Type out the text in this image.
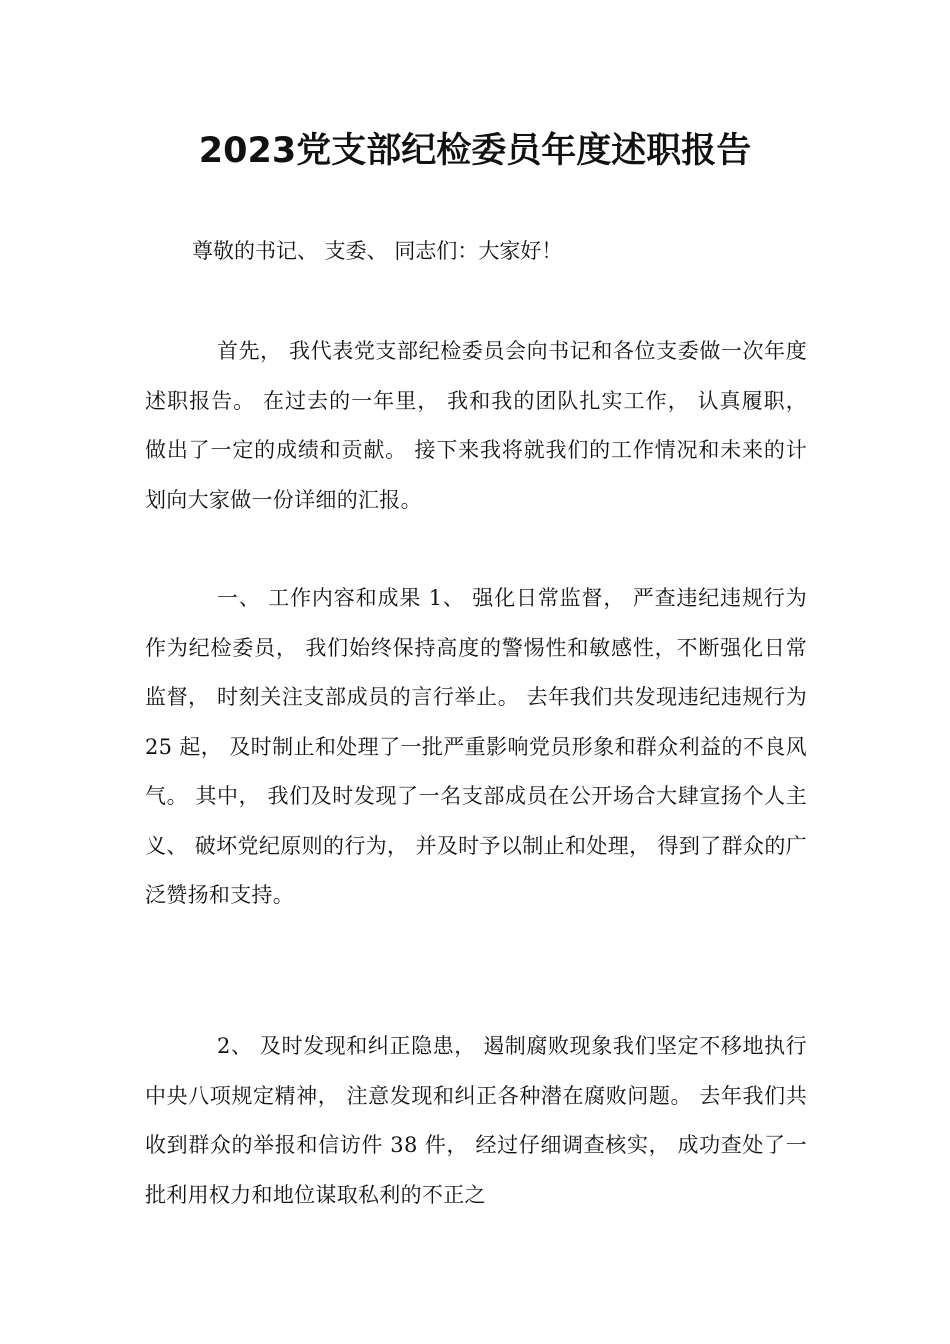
2023党支部纪检委员年度述职报告

尊敬的书记、 支委、 同志们：大家好！

首先， 我代表党支部纪检委员会向书记和各位支委做一次年度述职报告。 在过去的一年里， 我和我的团队扎实工作， 认真履职， 做出了一定的成绩和贡献。 接下来我将就我们的工作情况和未来的计划向大家做一份详细的汇报。

一、 工作内容和成果 1、 强化日常监督， 严查违纪违规行为作为纪检委员， 我们始终保持高度的警惕性和敏感性，不断强化日常监督， 时刻关注支部成员的言行举止。 去年我们共发现违纪违规行为 25 起， 及时制止和处理了一批严重影响党员形象和群众利益的不良风气。 其中， 我们及时发现了一名支部成员在公开场合大肆宣扬个人主义、 破坏党纪原则的行为， 并及时予以制止和处理， 得到了群众的广泛赞扬和支持。

2、 及时发现和纠正隐患， 遏制腐败现象我们坚定不移地执行中央八项规定精神， 注意发现和纠正各种潜在腐败问题。 去年我们共收到群众的举报和信访件 38 件， 经过仔细调查核实， 成功查处了一批利用权力和地位谋取私利的不正之
